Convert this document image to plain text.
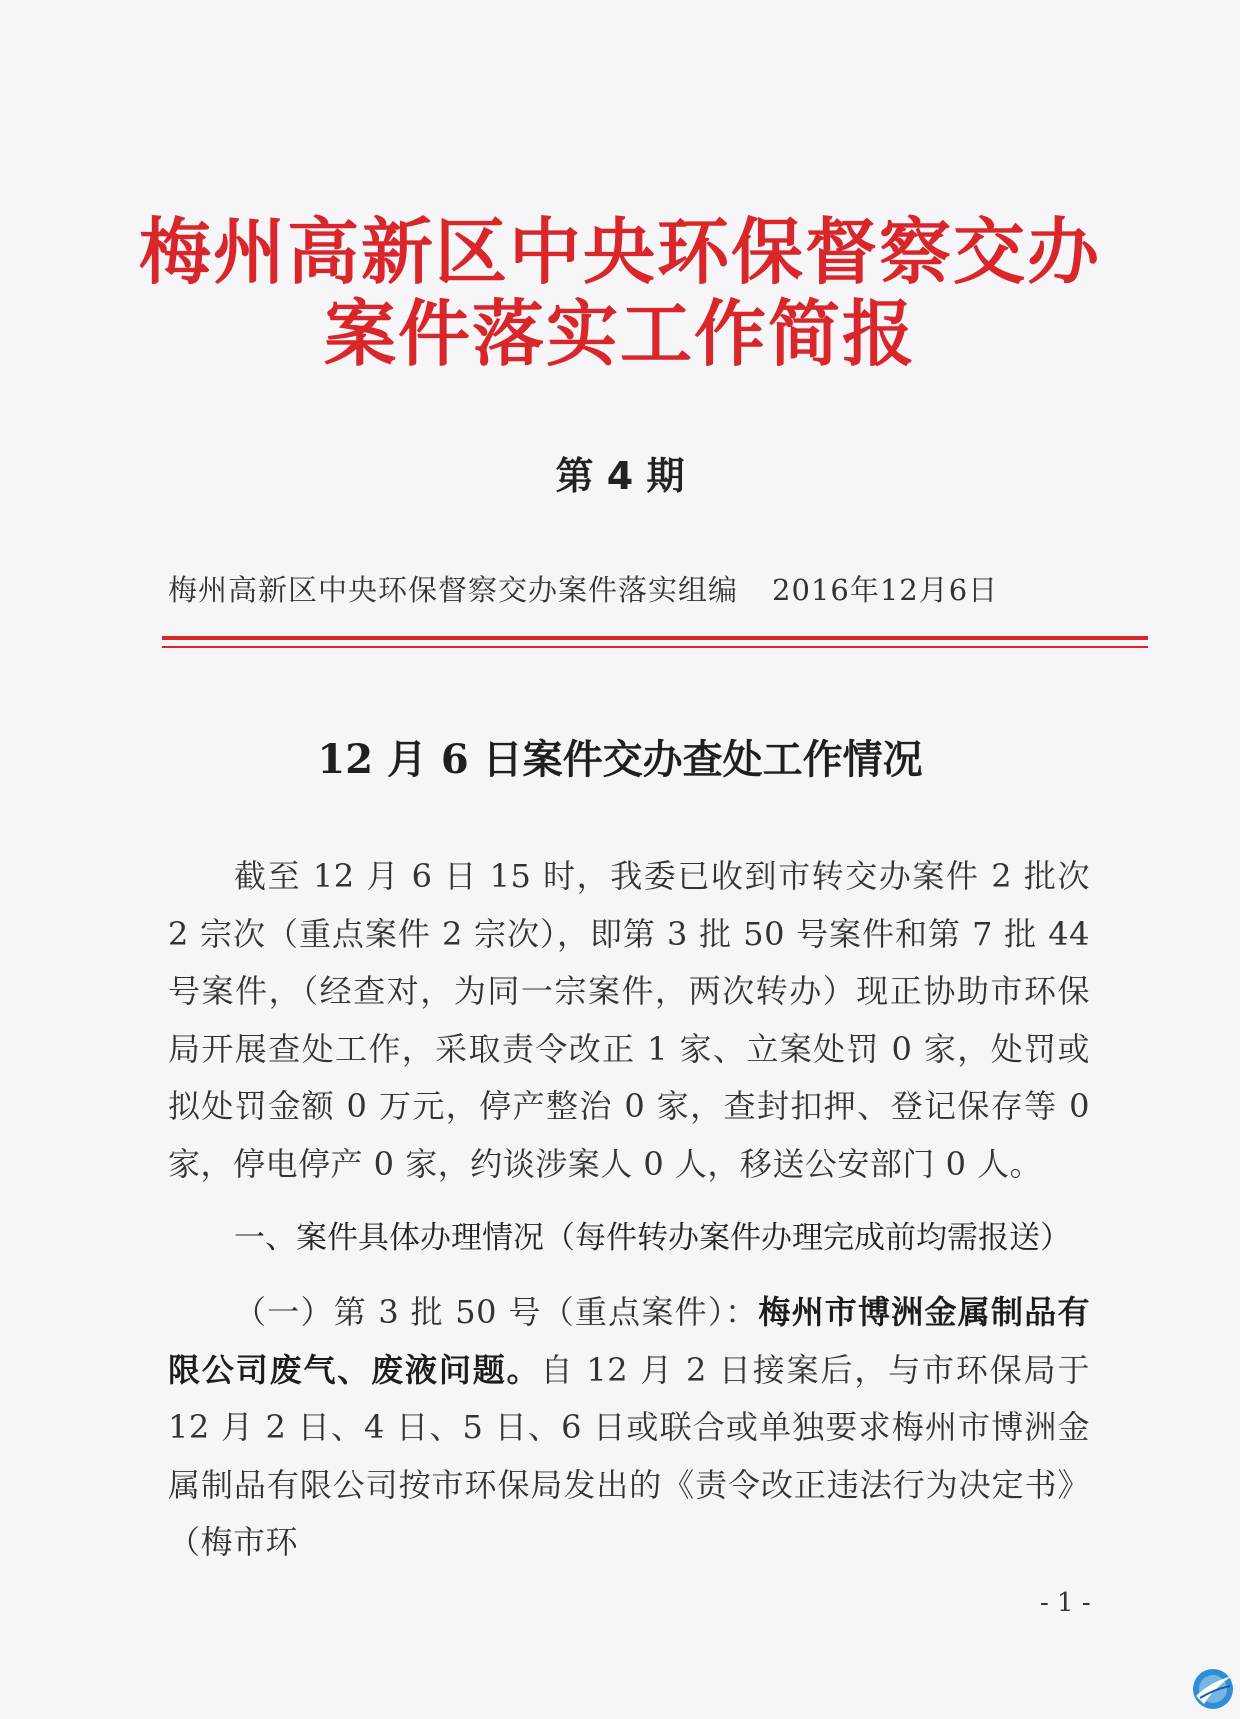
梅州高新区中央环保督察交办
案件落实工作简报
第 4 期
梅州高新区中央环保督察交办案件落实组编 2016年12月6日
12 月 6 日案件交办查处工作情况
截至 12 月 6 日 15 时，我委已收到市转交办案件 2 批次 2 宗次（重点案件 2 宗次），即第 3 批 50 号案件和第 7 批 44 号案件，（经查对，为同一宗案件，两次转办）现正协助市环保局开展查处工作，采取责令改正 1 家、立案处罚 0 家，处罚或拟处罚金额 0 万元，停产整治 0 家，查封扣押、登记保存等 0 家，停电停产 0 家，约谈涉案人 0 人，移送公安部门 0 人。
一、案件具体办理情况（每件转办案件办理完成前均需报送）
（一）第 3 批 50 号（重点案件）：梅州市博洲金属制品有限公司废气、废液问题。自 12 月 2 日接案后，与市环保局于 12 月 2 日、4 日、5 日、6 日或联合或单独要求梅州市博洲金属制品有限公司按市环保局发出的《责令改正违法行为决定书》（梅市环
- 1 -
